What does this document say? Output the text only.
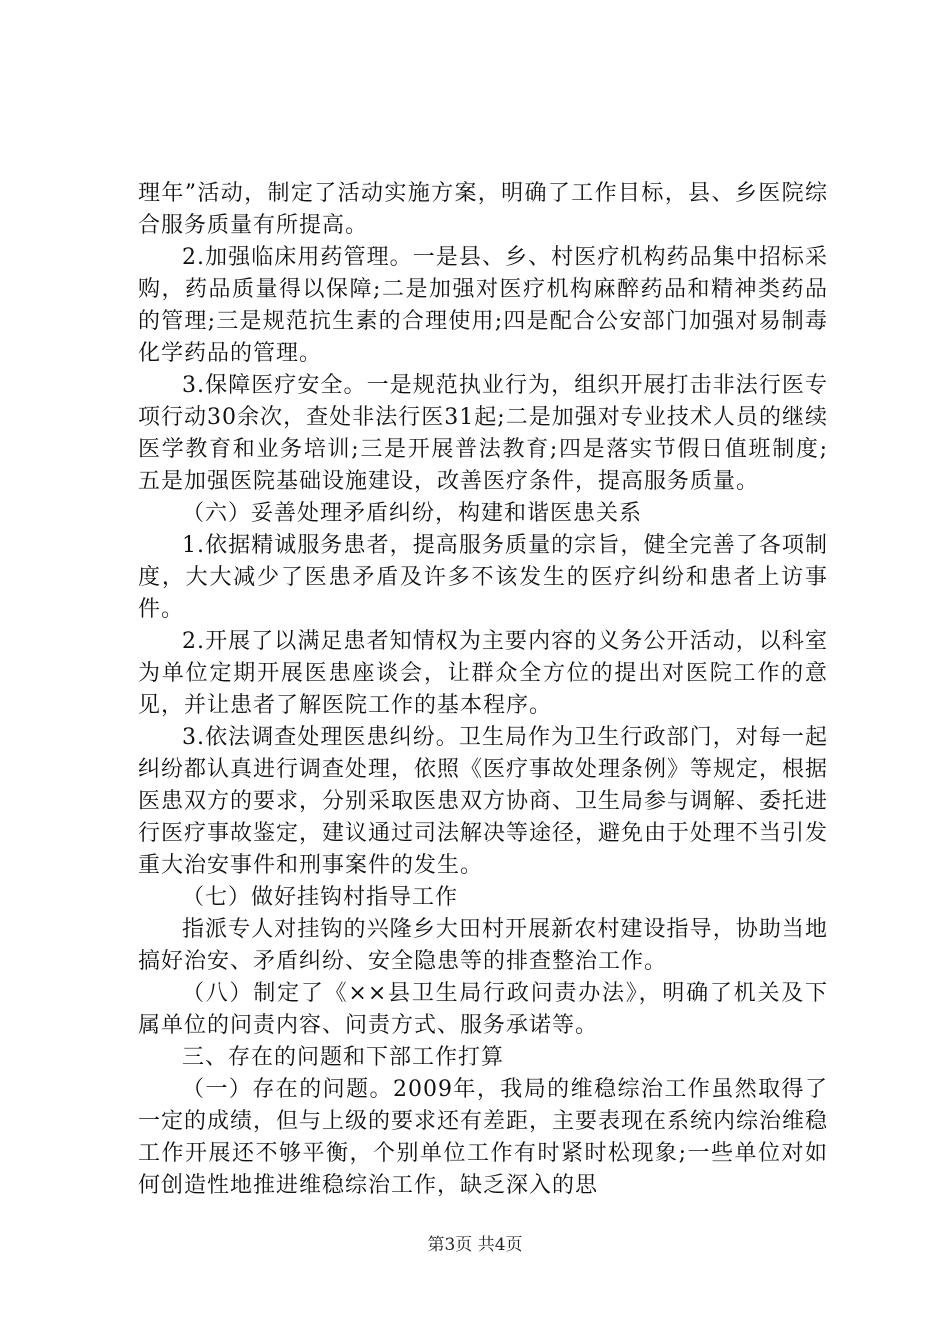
理年”活动，制定了活动实施方案，明确了工作目标，县、乡医院综合服务质量有所提高。

2.加强临床用药管理。一是县、乡、村医疗机构药品集中招标采购，药品质量得以保障;二是加强对医疗机构麻醉药品和精神类药品的管理;三是规范抗生素的合理使用;四是配合公安部门加强对易制毒化学药品的管理。

3.保障医疗安全。一是规范执业行为，组织开展打击非法行医专项行动30余次，查处非法行医31起;二是加强对专业技术人员的继续医学教育和业务培训;三是开展普法教育;四是落实节假日值班制度;五是加强医院基础设施建设，改善医疗条件，提高服务质量。

（六）妥善处理矛盾纠纷，构建和谐医患关系

1.依据精诚服务患者，提高服务质量的宗旨，健全完善了各项制度，大大减少了医患矛盾及许多不该发生的医疗纠纷和患者上访事件。

2.开展了以满足患者知情权为主要内容的义务公开活动，以科室为单位定期开展医患座谈会，让群众全方位的提出对医院工作的意见，并让患者了解医院工作的基本程序。

3.依法调查处理医患纠纷。卫生局作为卫生行政部门，对每一起纠纷都认真进行调查处理，依照《医疗事故处理条例》等规定，根据医患双方的要求，分别采取医患双方协商、卫生局参与调解、委托进行医疗事故鉴定，建议通过司法解决等途径，避免由于处理不当引发重大治安事件和刑事案件的发生。

（七）做好挂钩村指导工作

指派专人对挂钩的兴隆乡大田村开展新农村建设指导，协助当地搞好治安、矛盾纠纷、安全隐患等的排查整治工作。

（八）制定了《××县卫生局行政问责办法》，明确了机关及下属单位的问责内容、问责方式、服务承诺等。

三、存在的问题和下部工作打算

（一）存在的问题。2009年，我局的维稳综治工作虽然取得了一定的成绩，但与上级的要求还有差距，主要表现在系统内综治维稳工作开展还不够平衡，个别单位工作有时紧时松现象;一些单位对如何创造性地推进维稳综治工作，缺乏深入的思

第3页 共4页
